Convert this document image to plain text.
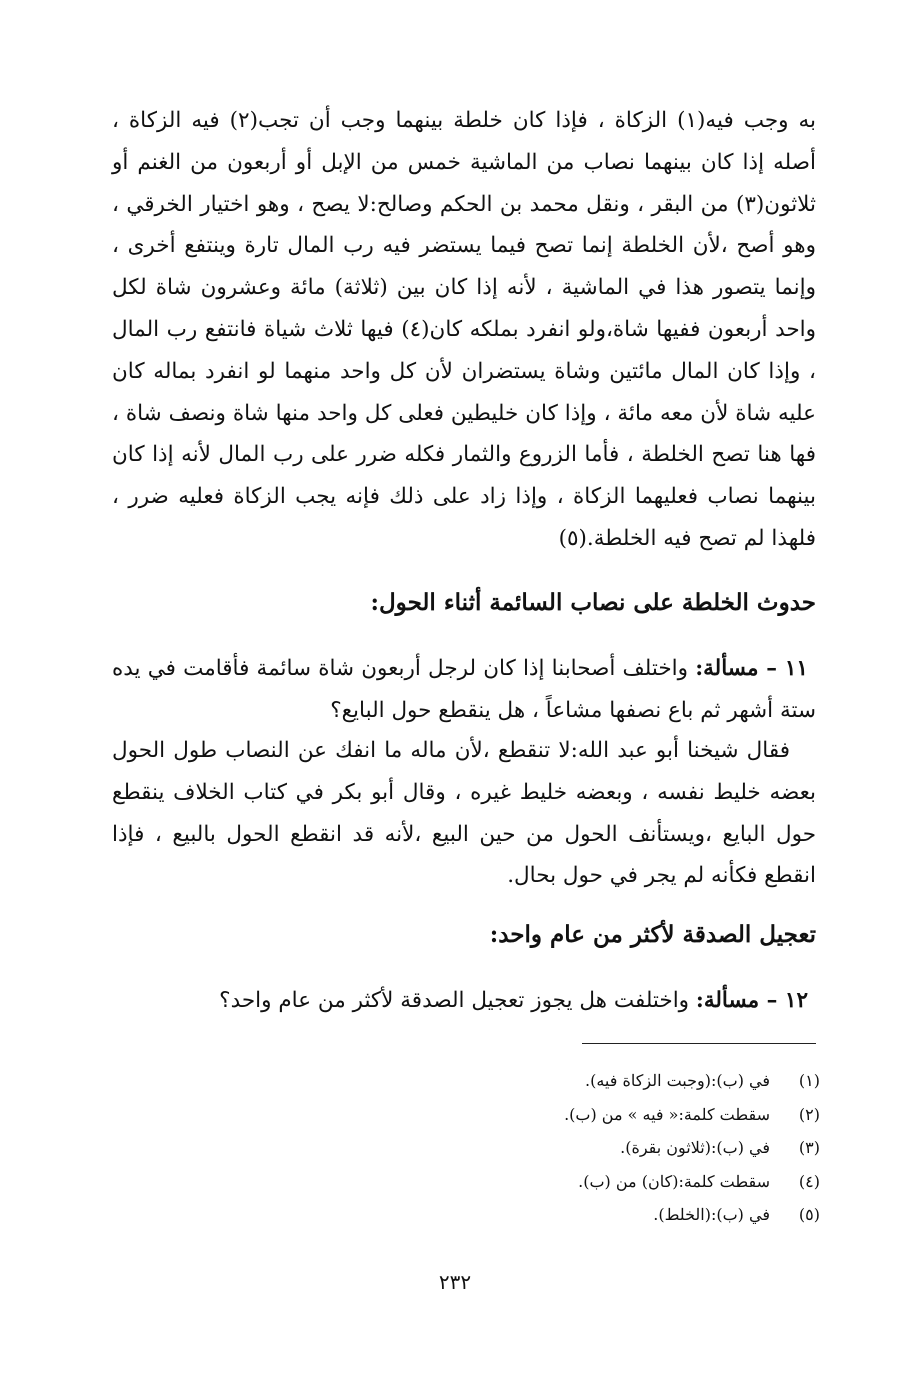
به وجب فيه(١) الزكاة ، فإذا كان خلطة بينهما وجب أن تجب(٢) فيه الزكاة ، أصله إذا كان بينهما نصاب من الماشية خمس من الإبل أو أربعون من الغنم أو ثلاثون(٣) من البقر ، ونقل محمد بن الحكم وصالح:لا يصح ، وهو اختيار الخرقي ، وهو أصح ،لأن الخلطة إنما تصح فيما يستضر فيه رب المال تارة وينتفع أخرى ، وإنما يتصور هذا في الماشية ، لأنه إذا كان بين (ثلاثة) مائة وعشرون شاة لكل واحد أربعون ففيها شاة،ولو انفرد بملكه كان(٤) فيها ثلاث شياة فانتفع رب المال ، وإذا كان المال مائتين وشاة يستضران لأن كل واحد منهما لو انفرد بماله كان عليه شاة لأن معه مائة ، وإذا كان خليطين فعلى كل واحد منها شاة ونصف شاة ، فها هنا تصح الخلطة ، فأما الزروع والثمار فكله ضرر على رب المال لأنه إذا كان بينهما نصاب فعليهما الزكاة ، وإذا زاد على ذلك فإنه يجب الزكاة فعليه ضرر ، فلهذا لم تصح فيه الخلطة.(٥)

حدوث الخلطة على نصاب السائمة أثناء الحول:

١١ – مسألة: واختلف أصحابنا إذا كان لرجل أربعون شاة سائمة فأقامت في يده ستة أشهر ثم باع نصفها مشاعاً ، هل ينقطع حول البايع؟

فقال شيخنا أبو عبد الله:لا تنقطع ،لأن ماله ما انفك عن النصاب طول الحول بعضه خليط نفسه ، وبعضه خليط غيره ، وقال أبو بكر في كتاب الخلاف ينقطع حول البايع ،ويستأنف الحول من حين البيع ،لأنه قد انقطع الحول بالبيع ، فإذا انقطع فكأنه لم يجر في حول بحال.

تعجيل الصدقة لأكثر من عام واحد:

١٢ – مسألة: واختلفت هل يجوز تعجيل الصدقة لأكثر من عام واحد؟

(١)في (ب):(وجبت الزكاة فيه).
(٢)سقطت كلمة:« فيه » من (ب).
(٣)في (ب):(ثلاثون بقرة).
(٤)سقطت كلمة:(كان) من (ب).
(٥)في (ب):(الخلط).
٢٣٢
